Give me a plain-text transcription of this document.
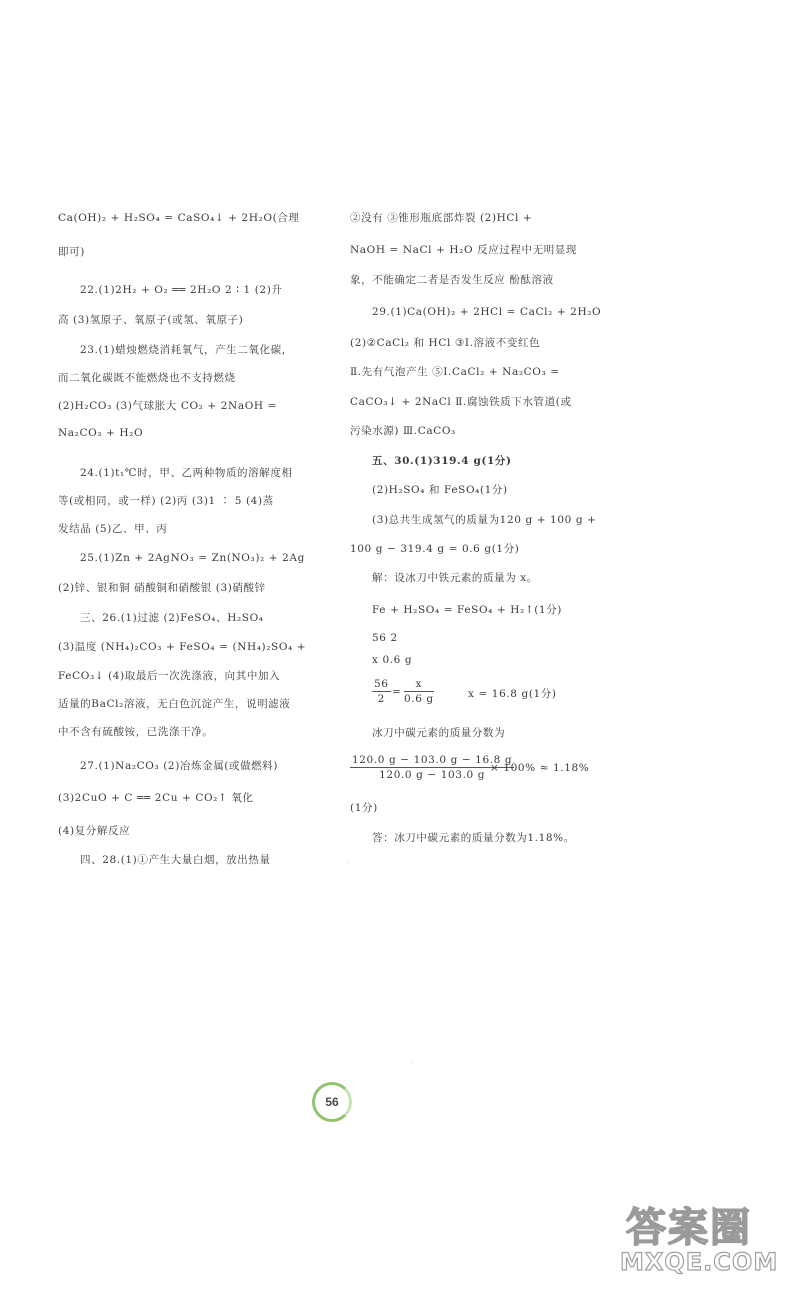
Ca(OH)₂ + H₂SO₄ = CaSO₄↓ + 2H₂O(合理
即可)
22.(1)2H₂ + O₂ ══ 2H₂O 2 ∶ 1 (2)升
高 (3)氢原子、氧原子(或氢、氧原子)
23.(1)蜡烛燃烧消耗氧气，产生二氧化碳，
而二氧化碳既不能燃烧也不支持燃烧
(2)H₂CO₃ (3)气球胀大 CO₂ + 2NaOH =
Na₂CO₃ + H₂O
24.(1)t₁℃时，甲、乙两种物质的溶解度相
等(或相同，或一样) (2)丙 (3)1 ∶ 5 (4)蒸
发结晶 (5)乙、甲、丙
25.(1)Zn + 2AgNO₃ = Zn(NO₃)₂ + 2Ag
(2)锌、银和铜 硝酸铜和硝酸银 (3)硝酸锌
三、26.(1)过滤 (2)FeSO₄、H₂SO₄
(3)温度 (NH₄)₂CO₃ + FeSO₄ = (NH₄)₂SO₄ +
FeCO₃↓ (4)取最后一次洗涤液，向其中加入
适量的BaCl₂溶液，无白色沉淀产生，说明滤液
中不含有硫酸铵，已洗涤干净。
27.(1)Na₂CO₃ (2)冶炼金属(或做燃料)
(3)2CuO + C ══ 2Cu + CO₂↑ 氧化
(4)复分解反应
四、28.(1)①产生大量白烟，放出热量
$\frac{56}{2} = \frac{x}{0.6 g}$
$\frac{120.0 g - 103.0 g - 16.8 g}{120.0 g - 103.0 g}$
②没有 ③锥形瓶底部炸裂 (2)HCl +
NaOH = NaCl + H₂O 反应过程中无明显现
象，不能确定二者是否发生反应 酚酞溶液
29.(1)Ca(OH)₂ + 2HCl = CaCl₂ + 2H₂O
(2)②CaCl₂ 和 HCl ③Ⅰ.溶液不变红色
Ⅱ.先有气泡产生 ⑤Ⅰ.CaCl₂ + Na₂CO₃ =
CaCO₃↓ + 2NaCl Ⅱ.腐蚀铁质下水管道(或
污染水源) Ⅲ.CaCO₃
五、30.(1)319.4 g(1分)
(2)H₂SO₄ 和 FeSO₄(1分)
(3)总共生成氢气的质量为120 g + 100 g +
100 g − 319.4 g = 0.6 g(1分)
解：设冰刀中铁元素的质量为 x。
Fe + H₂SO₄ = FeSO₄ + H₂↑(1分)
56 2
x 0.6 g
x = 16.8 g(1分)
冰刀中碳元素的质量分数为
× 100% ≈ 1.18%
(1分)
答：冰刀中碳元素的质量分数为1.18%。
56
答案圈
MXQE.COM
